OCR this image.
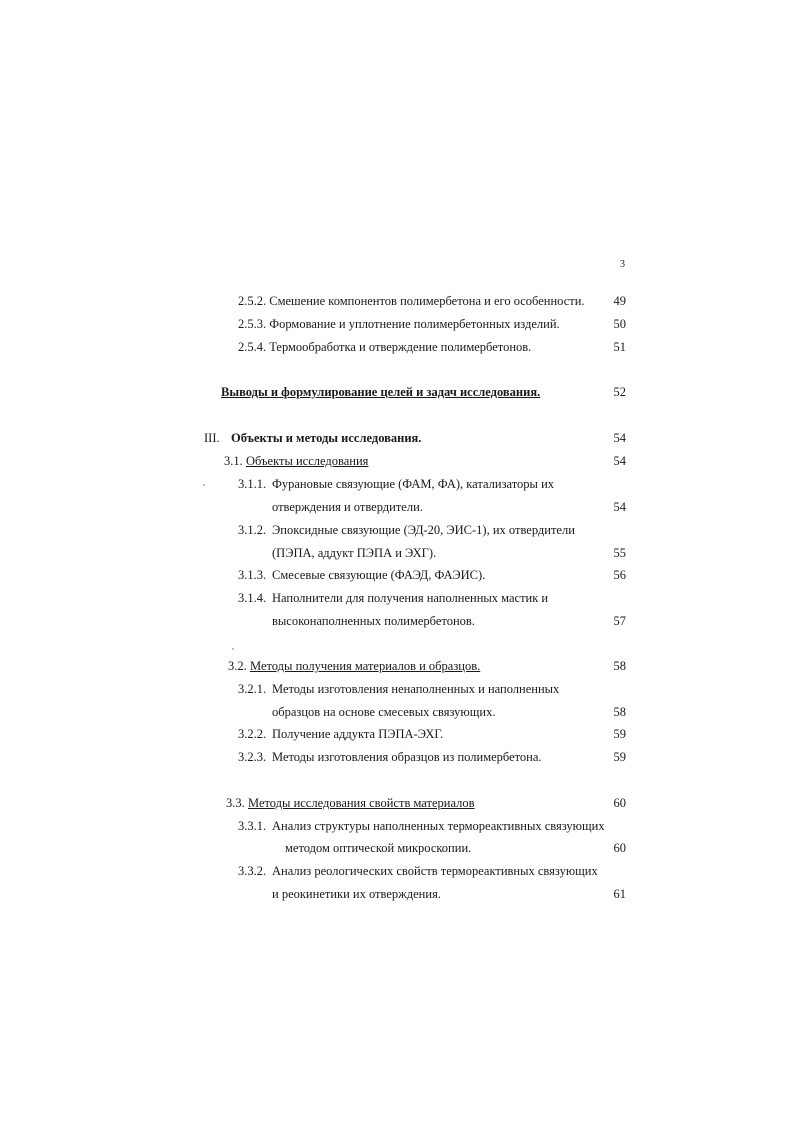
3
2.5.2. Смешение компонентов полимербетона и его особенности.	49
2.5.3. Формование и уплотнение полимербетонных изделий.	50
2.5.4. Термообработка и отверждение полимербетонов.	51
Выводы и формулирование целей и задач исследования.	52
III. Объекты и методы исследования.	54
3.1. Объекты исследования	54
3.1.1. Фурановые связующие (ФАМ, ФА), катализаторы их
отверждения и отвердители.	54
3.1.2. Эпоксидные связующие (ЭД-20, ЭИС-1), их отвердители
(ПЭПА, аддукт ПЭПА и ЭХГ).	55
3.1.3. Смесевые связующие (ФАЭД, ФАЭИС).	56
3.1.4. Наполнители для получения наполненных мастик и
высоконаполненных полимербетонов.	57
3.2. Методы получения материалов и образцов.	58
3.2.1. Методы изготовления ненаполненных и наполненных
образцов на основе смесевых связующих.	58
3.2.2. Получение аддукта ПЭПА-ЭХГ.	59
3.2.3. Методы изготовления образцов из полимербетона.	59
3.3. Методы исследования свойств материалов	60
3.3.1. Анализ структуры наполненных термореактивных связующих
методом оптической микроскопии.	60
3.3.2. Анализ реологических свойств термореактивных связующих
и реокинетики их отверждения.	61
